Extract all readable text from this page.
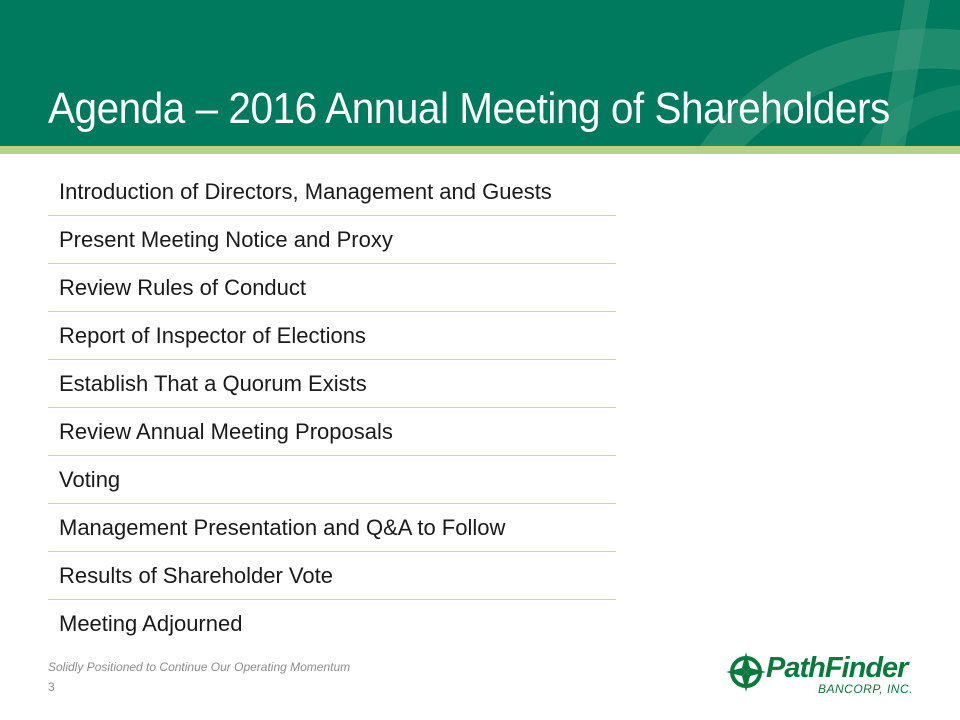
Agenda – 2016 Annual Meeting of Shareholders
Introduction of Directors, Management and Guests
Present Meeting Notice and Proxy
Review Rules of Conduct
Report of Inspector of Elections
Establish That a Quorum Exists
Review Annual Meeting Proposals
Voting
Management Presentation and Q&A to Follow
Results of Shareholder Vote
Meeting Adjourned
Solidly Positioned to Continue Our Operating Momentum
3
PathFinder
BANCORP, INC.
